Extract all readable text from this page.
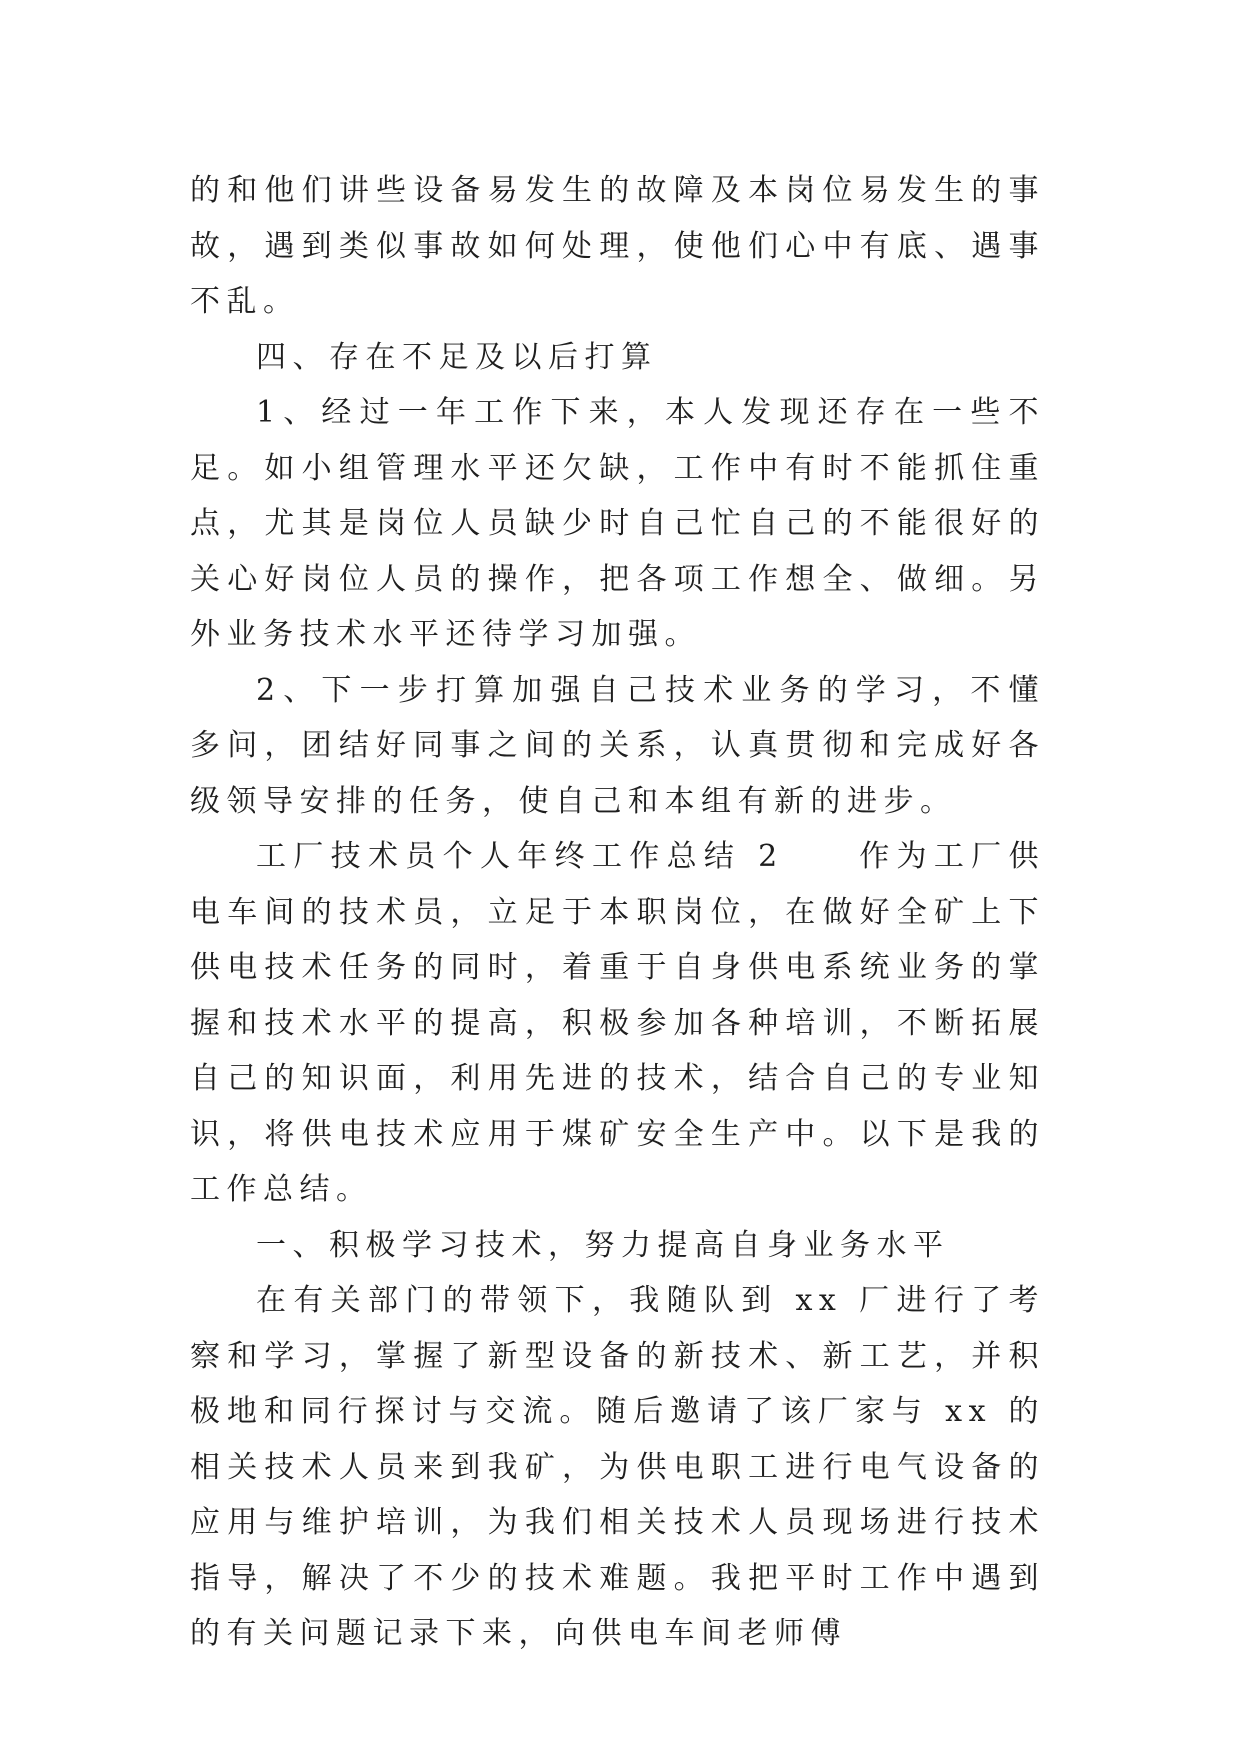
的和他们讲些设备易发生的故障及本岗位易发生的事故，遇到类似事故如何处理，使他们心中有底、遇事不乱。

四、存在不足及以后打算

1、经过一年工作下来，本人发现还存在一些不足。如小组管理水平还欠缺，工作中有时不能抓住重点，尤其是岗位人员缺少时自己忙自己的不能很好的关心好岗位人员的操作，把各项工作想全、做细。另外业务技术水平还待学习加强。

2、下一步打算加强自己技术业务的学习，不懂多问，团结好同事之间的关系，认真贯彻和完成好各级领导安排的任务，使自己和本组有新的进步。

工厂技术员个人年终工作总结 2　　作为工厂供电车间的技术员，立足于本职岗位，在做好全矿上下供电技术任务的同时，着重于自身供电系统业务的掌握和技术水平的提高，积极参加各种培训，不断拓展自己的知识面，利用先进的技术，结合自己的专业知识，将供电技术应用于煤矿安全生产中。以下是我的工作总结。

一、积极学习技术，努力提高自身业务水平

在有关部门的带领下，我随队到 xx 厂进行了考察和学习，掌握了新型设备的新技术、新工艺，并积极地和同行探讨与交流。随后邀请了该厂家与 xx 的相关技术人员来到我矿，为供电职工进行电气设备的应用与维护培训，为我们相关技术人员现场进行技术指导，解决了不少的技术难题。我把平时工作中遇到的有关问题记录下来，向供电车间老师傅
